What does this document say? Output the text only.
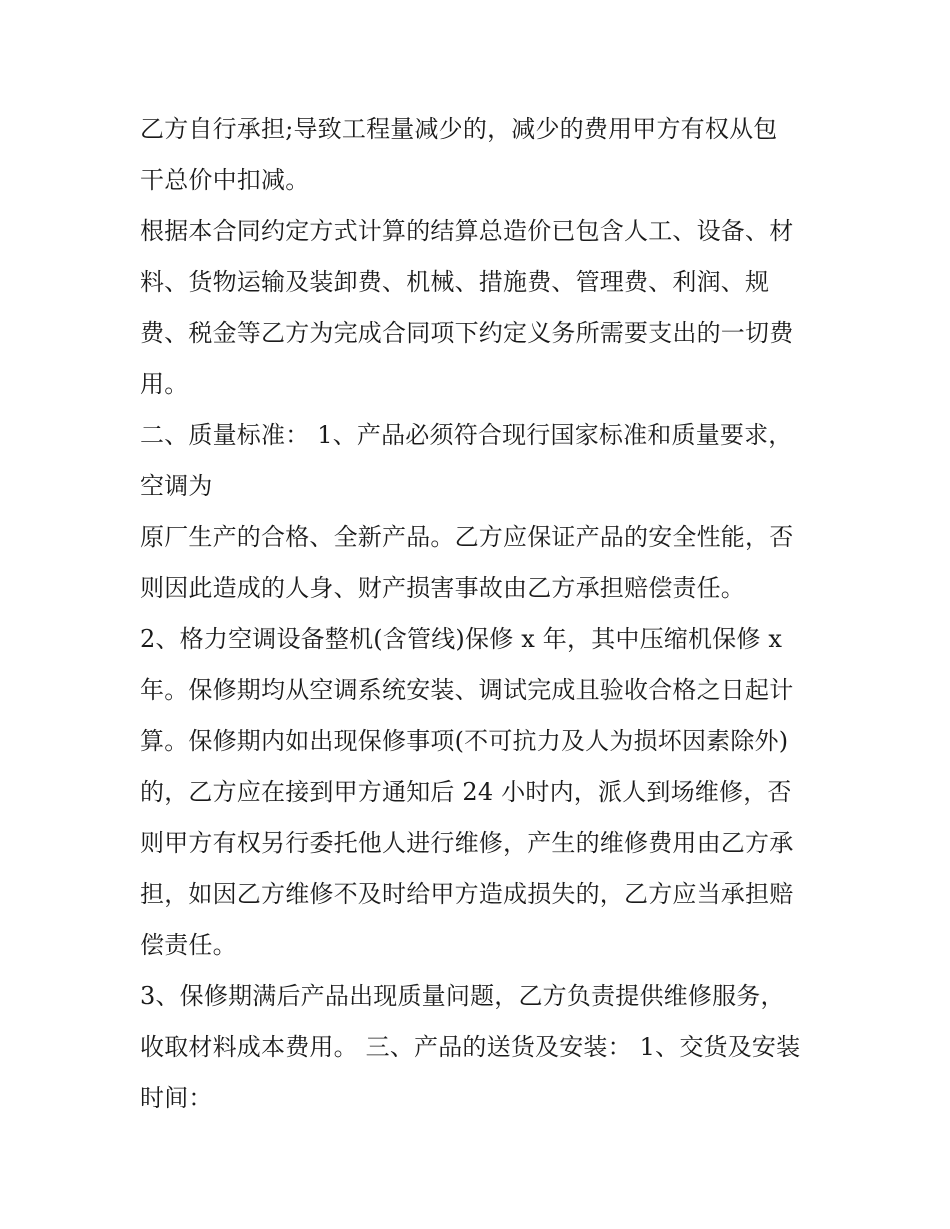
乙方自行承担;导致工程量减少的，减少的费用甲方有权从包
干总价中扣减。
根据本合同约定方式计算的结算总造价已包含人工、设备、材
料、货物运输及装卸费、机械、措施费、管理费、利润、规
费、税金等乙方为完成合同项下约定义务所需要支出的一切费
用。
二、质量标准： 1、产品必须符合现行国家标准和质量要求，
空调为
原厂生产的合格、全新产品。乙方应保证产品的安全性能，否
则因此造成的人身、财产损害事故由乙方承担赔偿责任。
2、格力空调设备整机(含管线)保修 x 年，其中压缩机保修 x
年。保修期均从空调系统安装、调试完成且验收合格之日起计
算。保修期内如出现保修事项(不可抗力及人为损坏因素除外)
的，乙方应在接到甲方通知后 24 小时内，派人到场维修，否
则甲方有权另行委托他人进行维修，产生的维修费用由乙方承
担，如因乙方维修不及时给甲方造成损失的，乙方应当承担赔
偿责任。
3、保修期满后产品出现质量问题，乙方负责提供维修服务，
收取材料成本费用。 三、产品的送货及安装： 1、交货及安装
时间：
